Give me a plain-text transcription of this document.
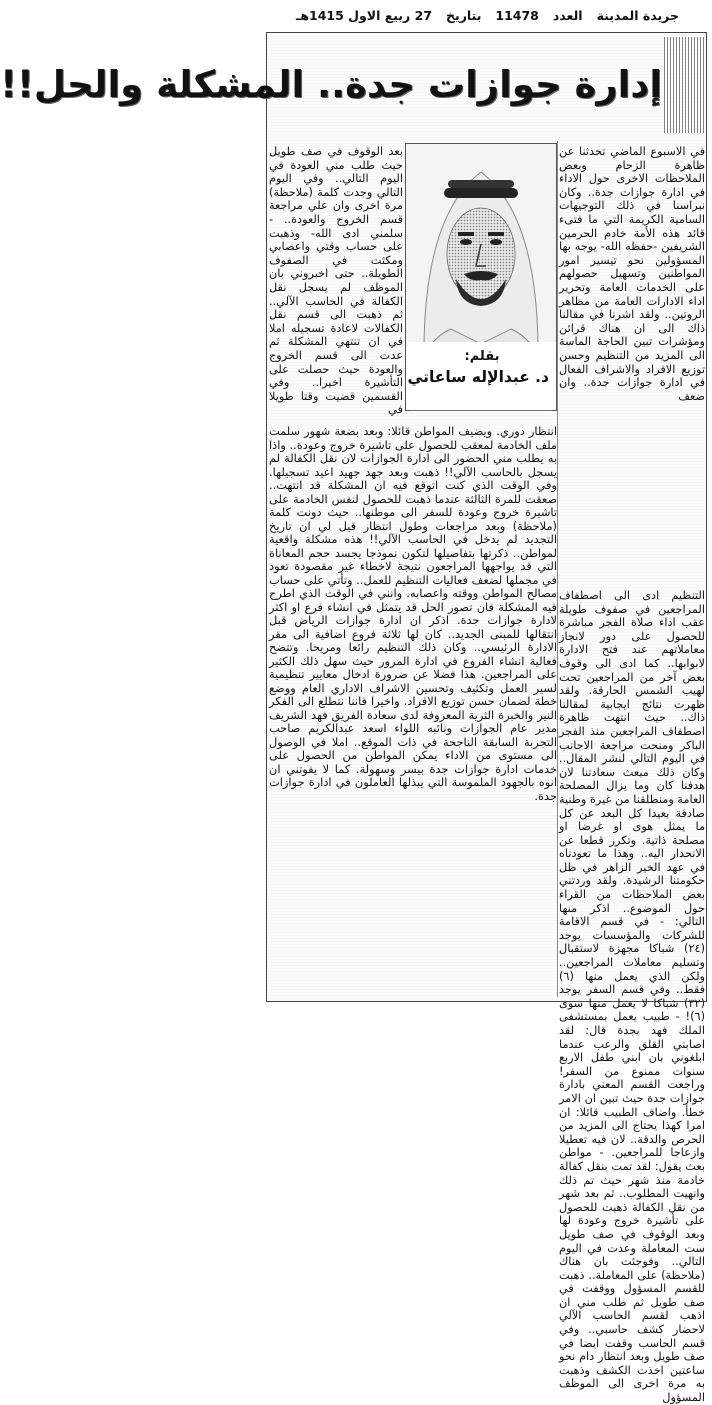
جريدة المدينة
العدد
11478
بتاريخ
27 ربيع الاول 1415هـ
إدارة جوازات جدة.. المشكلة والحل!!

في الاسبوع الماضي تحدثنا عن ظاهرة الزحام وبعض الملاحظات الاخرى حول الاداء في ادارة جوازات جدة.. وكان نبراسنا في ذلك التوجيهات السامية الكريمة التي ما فتىء قائد هذه الأمة خادم الحرمين الشريفين -حفظه الله- يوجه بها المسؤولين نحو تيسير امور المواطنين وتسهيل حصولهم على الخدمات العامة وتحرير اداء الادارات العامة من مظاهر الروتين.. ولقد اشرنا في مقالنا ذاك الى ان هناك قرائن ومؤشرات تبين الحاجة الماسة الى المزيد من التنظيم وحسن توزيع الافراد والاشراف الفعال في ادارة جوازات جدة.. وان ضعف

التنظيم ادى الى اصطفاف المراجعين في صفوف طويلة عقب اداء صلاة الفجر مباشرة للحصول على دور لانجاز معاملاتهم عند فتح الادارة لابوابها.. كما ادى الى وقوف بعض آخر من المراجعين تحت لهيب الشمس الحارقة. ولقد ظهرت نتائج ايجابية لمقالنا ذاك.. حيث انتهت ظاهرة اصطفاف المراجعين منذ الفجر الباكر ومنحت مراجعة الاجانب في اليوم التالي لنشر المقال.. وكان ذلك مبعث سعادتنا لان هدفنا كان وما يزال المصلحة العامة ومنطلقنا من غيرة وطنية صادقة بعيدا كل البعد عن كل ما يمثل هوى او غرضا او مصلحة ذاتية. وتكرر قطعا عن الانحدار اليه.. وهذا ما تعودناه في عهد الخير الزاهر في ظل حكومتنا الرشيدة. ولقد وردتني بعض الملاحظات من القراء حول الموضوع.. اذكر منها التالي: - في قسم الاقامة للشركات والمؤسسات يوجد (٢٤) شباكا مجهزة لاستقبال وتسليم معاملات المراجعين.. ولكن الذي يعمل منها (٦) فقط.. وفي قسم السفر يوجد (٣٢) شباكا لا يعمل منها سوى (٦)! - طبيب يعمل بمستشفى الملك فهد بجدة قال: لقد اصابني القلق والرعب عندما ابلغوني بان ابني طفل الاربع سنوات ممنوع من السفر! وراجعت القسم المعني بادارة جوازات جدة حيث تبين ان الامر خطأ. واضاف الطبيب قائلا: ان امرا كهذا يحتاج الى المزيد من الحرص والدقة.. لان فيه تعطيلا وازعاجا للمراجعين. - مواطن بعث يقول: لقد تمت بنقل كفالة خادمة منذ شهر حيث تم ذلك وانهيت المطلوب.. ثم بعد شهر من نقل الكفالة ذهبت للحصول على تأشيرة خروج وعودة لها وبعد الوقوف في صف طويل ست المعاملة وعدت في اليوم التالي.. وفوجئت بان هناك (ملاحظة) على المعاملة.. ذهبت للقسم المسؤول ووقفت في صف طويل ثم طلب مني ان اذهب لقسم الحاسب الآلي لاحضار كشف حاسبي.. وفي قسم الحاسب وقفت ايضا في صف طويل وبعد انتظار دام نحو ساعتين اخذت الكشف وذهبت به مرة اخرى الى الموظف المسؤول

بعد الوقوف في صف طويل حيث طلب مني العودة في اليوم التالي.. وفي اليوم التالي وجدت كلمة (ملاحظة) مرة اخرى وان علي مراجعة قسم الخروج والعودة.. - سلمني ادى الله- وذهبت على حساب وقتي واعصابي ومكثت في الصفوف الطويلة.. حتى اخبروني بان الموظف لم يسجل نقل الكفالة في الحاسب الآلي.. ثم ذهبت الى قسم نقل الكفالات لاعادة تسجيله املا في ان تنتهي المشكلة ثم عدت الى قسم الخروج والعودة حيث حصلت على التأشيرة اخيرا.. وفي القسمين قضيت وقتا طويلا في

بقلم:
د. عبدالإله ساعاتي

انتظار دوري. ويضيف المواطن قائلا: وبعد بضعة شهور سلمت ملف الخادمة لمعقب للحصول على تاشيرة خروج وعودة.. واذا به يطلب مني الحضور الى ادارة الجوازات لان نقل الكفالة لم يسجل بالحاسب الآلي!! ذهبت وبعد جهد جهيد اعيد تسجيلها. وفي الوقت الذي كنت اتوقع فيه ان المشكلة قد انتهت.. صعقت للمرة الثالثة عندما ذهبت للحصول لنفس الخادمة على تاشيرة خروج وعودة للسفر الى موطنها.. حيث دونت كلمة (ملاحظة) وبعد مراجعات وطول انتظار قيل لي ان تاريخ التجديد لم يدخل في الحاسب الآلي!! هذه مشكلة واقعية لمواطن.. ذكرتها بتفاصيلها لتكون نموذجا يجسد حجم المعاناة التي قد يواجهها المراجعون نتيجة لاخطاء غير مقصودة تعود في مجملها لضعف فعاليات التنظيم للعمل.. وتأتي على حساب مصالح المواطن ووقته واعصابه. وانني في الوقت الذي اطرح فيه المشكلة فان تصور الحل قد يتمثل في انشاء فرع او اكثر لادارة جوازات جدة. اذكر ان ادارة جوازات الرياض قبل انتقالها للمبنى الجديد.. كان لها ثلاثة فروع اضافية الى مقر الادارة الرئيسي.. وكان ذلك التنظيم رائعا ومريحا. وتتضح فعالية انشاء الفروع في ادارة المرور حيث سهل ذلك الكثير على المراجعين. هذا فضلا عن ضرورة ادخال معايير تنظيمية لسير العمل وتكثيف وتحسين الاشراف الاداري العام ووضع خطة لضمان حسن توزيع الافراد. واخيرا فاننا نتطلع الى الفكر النير والخبرة الثرية المعروفة لدى سعادة الفريق فهد الشريف مدير عام الجوازات ونائبه اللواء اسعد عبدالكريم صاحب التجربة السابقة الناجحة في ذات الموقع.. املا في الوصول الى مستوى من الاداء يمكن المواطن من الحصول على خدمات ادارة جوازات جدة بيسر وسهولة. كما لا يفوتني ان انوه بالجهود الملموسة التي يبذلها العاملون في ادارة جوازات جدة.
